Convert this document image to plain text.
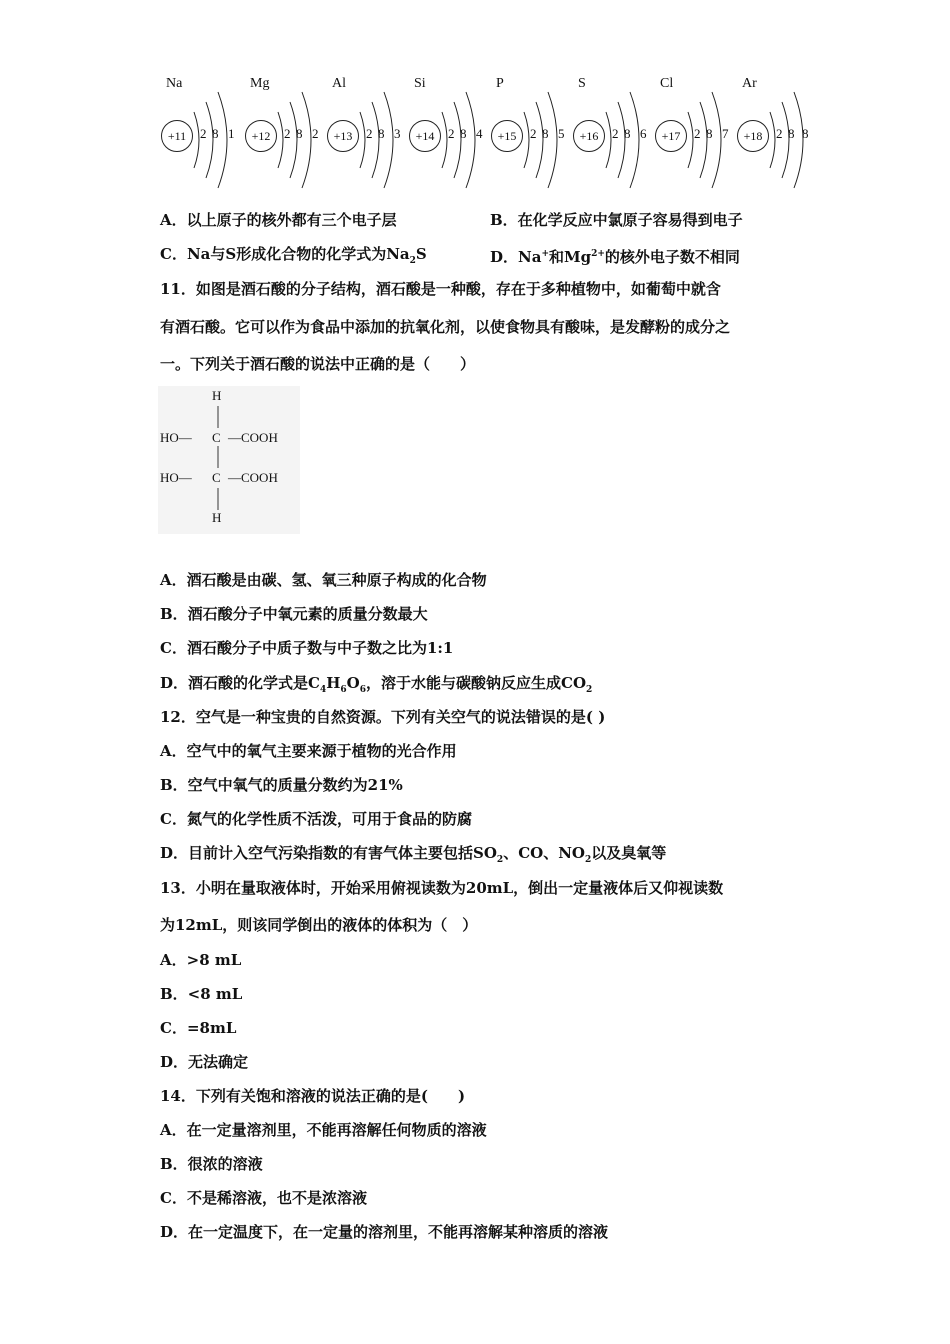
Na
+11	2 8 1
Mg
+12	2 8 2
Al
+13	2 8 3
Si
+14	2 8 4
P
+15	2 8 5
S
+16	2 8 6
Cl
+17	2 8 7
Ar
+18	2 8 8
A．以上原子的核外都有三个电子层	B．在化学反应中氯原子容易得到电子
C．Na与S形成化合物的化学式为$Na_2S$	D．Na+和$Mg^{2+}$的核外电子数不相同
11．如图是酒石酸的分子结构，酒石酸是一种酸，存在于多种植物中，如葡萄中就含
有酒石酸。它可以作为食品中添加的抗氧化剂，以使食物具有酸味，是发酵粉的成分之
一。下列关于酒石酸的说法中正确的是（　　）
H
HO— C —COOH
HO— C —COOH
H
A．酒石酸是由碳、氢、氧三种原子构成的化合物
B．酒石酸分子中氧元素的质量分数最大
C．酒石酸分子中质子数与中子数之比为1:1
D．酒石酸的化学式是$C_4H_6O_6$，溶于水能与碳酸钠反应生成$CO_2$
12．空气是一种宝贵的自然资源。下列有关空气的说法错误的是( )
A．空气中的氧气主要来源于植物的光合作用
B．空气中氧气的质量分数约为21%
C．氮气的化学性质不活泼，可用于食品的防腐
D．目前计入空气污染指数的有害气体主要包括$SO_2$、CO、$NO_2$以及臭氧等
13．小明在量取液体时，开始采用俯视读数为20mL，倒出一定量液体后又仰视读数
为12mL，则该同学倒出的液体的体积为（　）
A．>8 mL
B．<8 mL
C．=8mL
D．无法确定
14．下列有关饱和溶液的说法正确的是(　　)
A．在一定量溶剂里，不能再溶解任何物质的溶液
B．很浓的溶液
C．不是稀溶液，也不是浓溶液
D．在一定温度下，在一定量的溶剂里，不能再溶解某种溶质的溶液
